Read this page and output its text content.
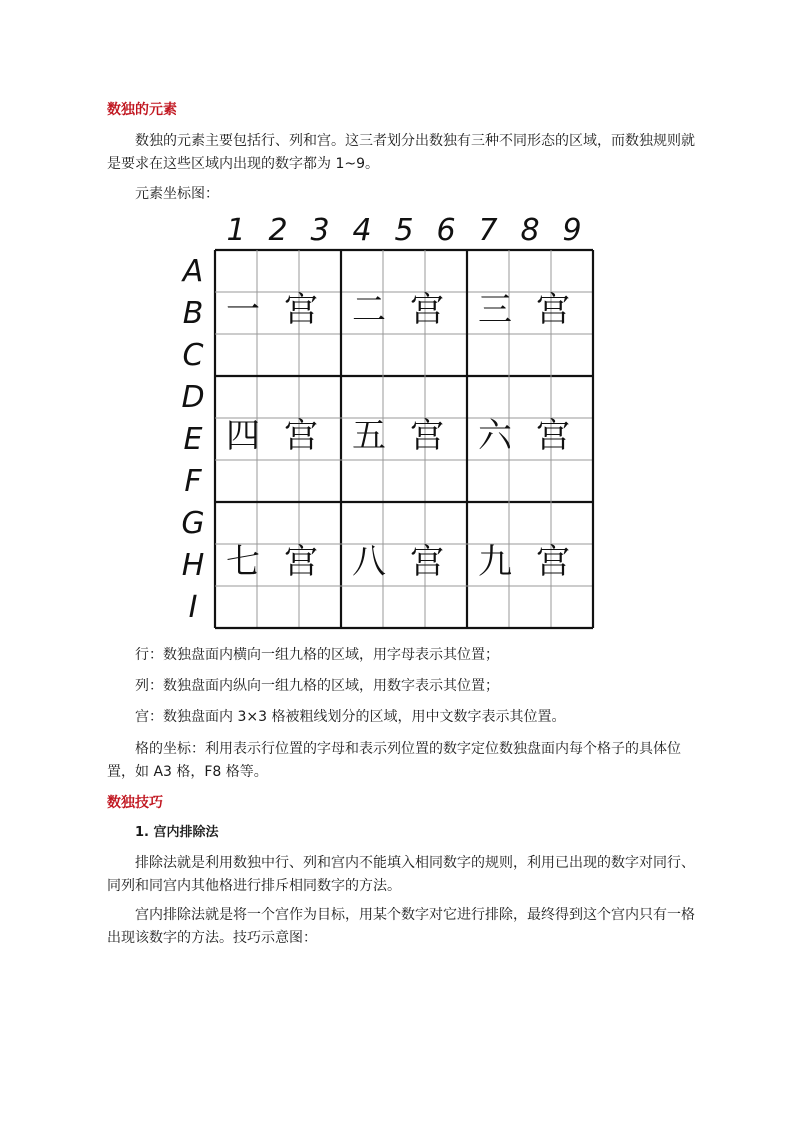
数独的元素

数独的元素主要包括行、列和宫。这三者划分出数独有三种不同形态的区域，而数独规则就是要求在这些区域内出现的数字都为 1~9。

元素坐标图：

1 2 3 4 5 6 7 8 9
A
B
C
D
E
F
G
H
I
一 宫	二 宫	三 宫
四 宫	五 宫	六 宫
七 宫	八 宫	九 宫

行：数独盘面内横向一组九格的区域，用字母表示其位置；

列：数独盘面内纵向一组九格的区域，用数字表示其位置；

宫：数独盘面内 3×3 格被粗线划分的区域，用中文数字表示其位置。

格的坐标：利用表示行位置的字母和表示列位置的数字定位数独盘面内每个格子的具体位置，如 A3 格，F8 格等。

数独技巧
1. 宫内排除法

排除法就是利用数独中行、列和宫内不能填入相同数字的规则，利用已出现的数字对同行、同列和同宫内其他格进行排斥相同数字的方法。

宫内排除法就是将一个宫作为目标，用某个数字对它进行排除，最终得到这个宫内只有一格出现该数字的方法。技巧示意图：
